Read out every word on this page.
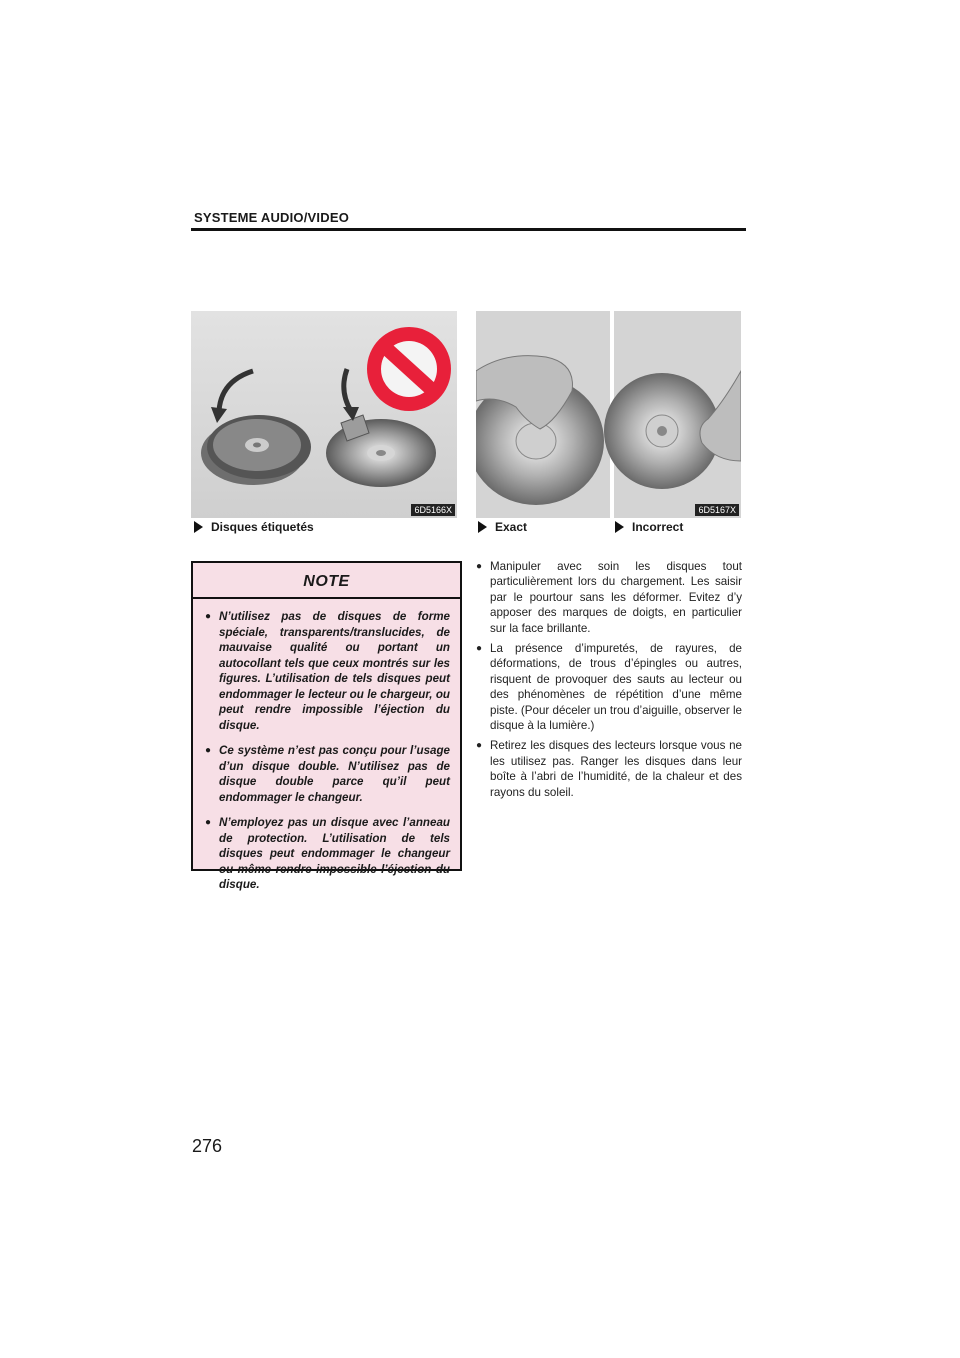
SYSTEME AUDIO/VIDEO
6D5166X	6D5167X
Disques étiquetés	Exact	Incorrect
NOTE
● N’utilisez pas de disques de forme spéciale, transparents/translucides, de mauvaise qualité ou portant un autocollant tels que ceux montrés sur les figures. L’utilisation de tels disques peut endommager le lecteur ou le chargeur, ou peut rendre impossible l’éjection du disque.
● Ce système n’est pas conçu pour l’usage d’un disque double. N’utilisez pas de disque double parce qu’il peut endommager le changeur.
● N’employez pas un disque avec l’anneau de protection. L’utilisation de tels disques peut endommager le changeur ou même rendre impossible l’éjection du disque.
● Manipuler avec soin les disques tout particulièrement lors du chargement. Les saisir par le pourtour sans les déformer. Evitez d’y apposer des marques de doigts, en particulier sur la face brillante.
● La présence d’impuretés, de rayures, de déformations, de trous d’épingles ou autres, risquent de provoquer des sauts au lecteur ou des phénomènes de répétition d’une même piste. (Pour déceler un trou d’aiguille, observer le disque à la lumière.)
● Retirez les disques des lecteurs lorsque vous ne les utilisez pas. Ranger les disques dans leur boîte à l’abri de l’humidité, de la chaleur et des rayons du soleil.
276
